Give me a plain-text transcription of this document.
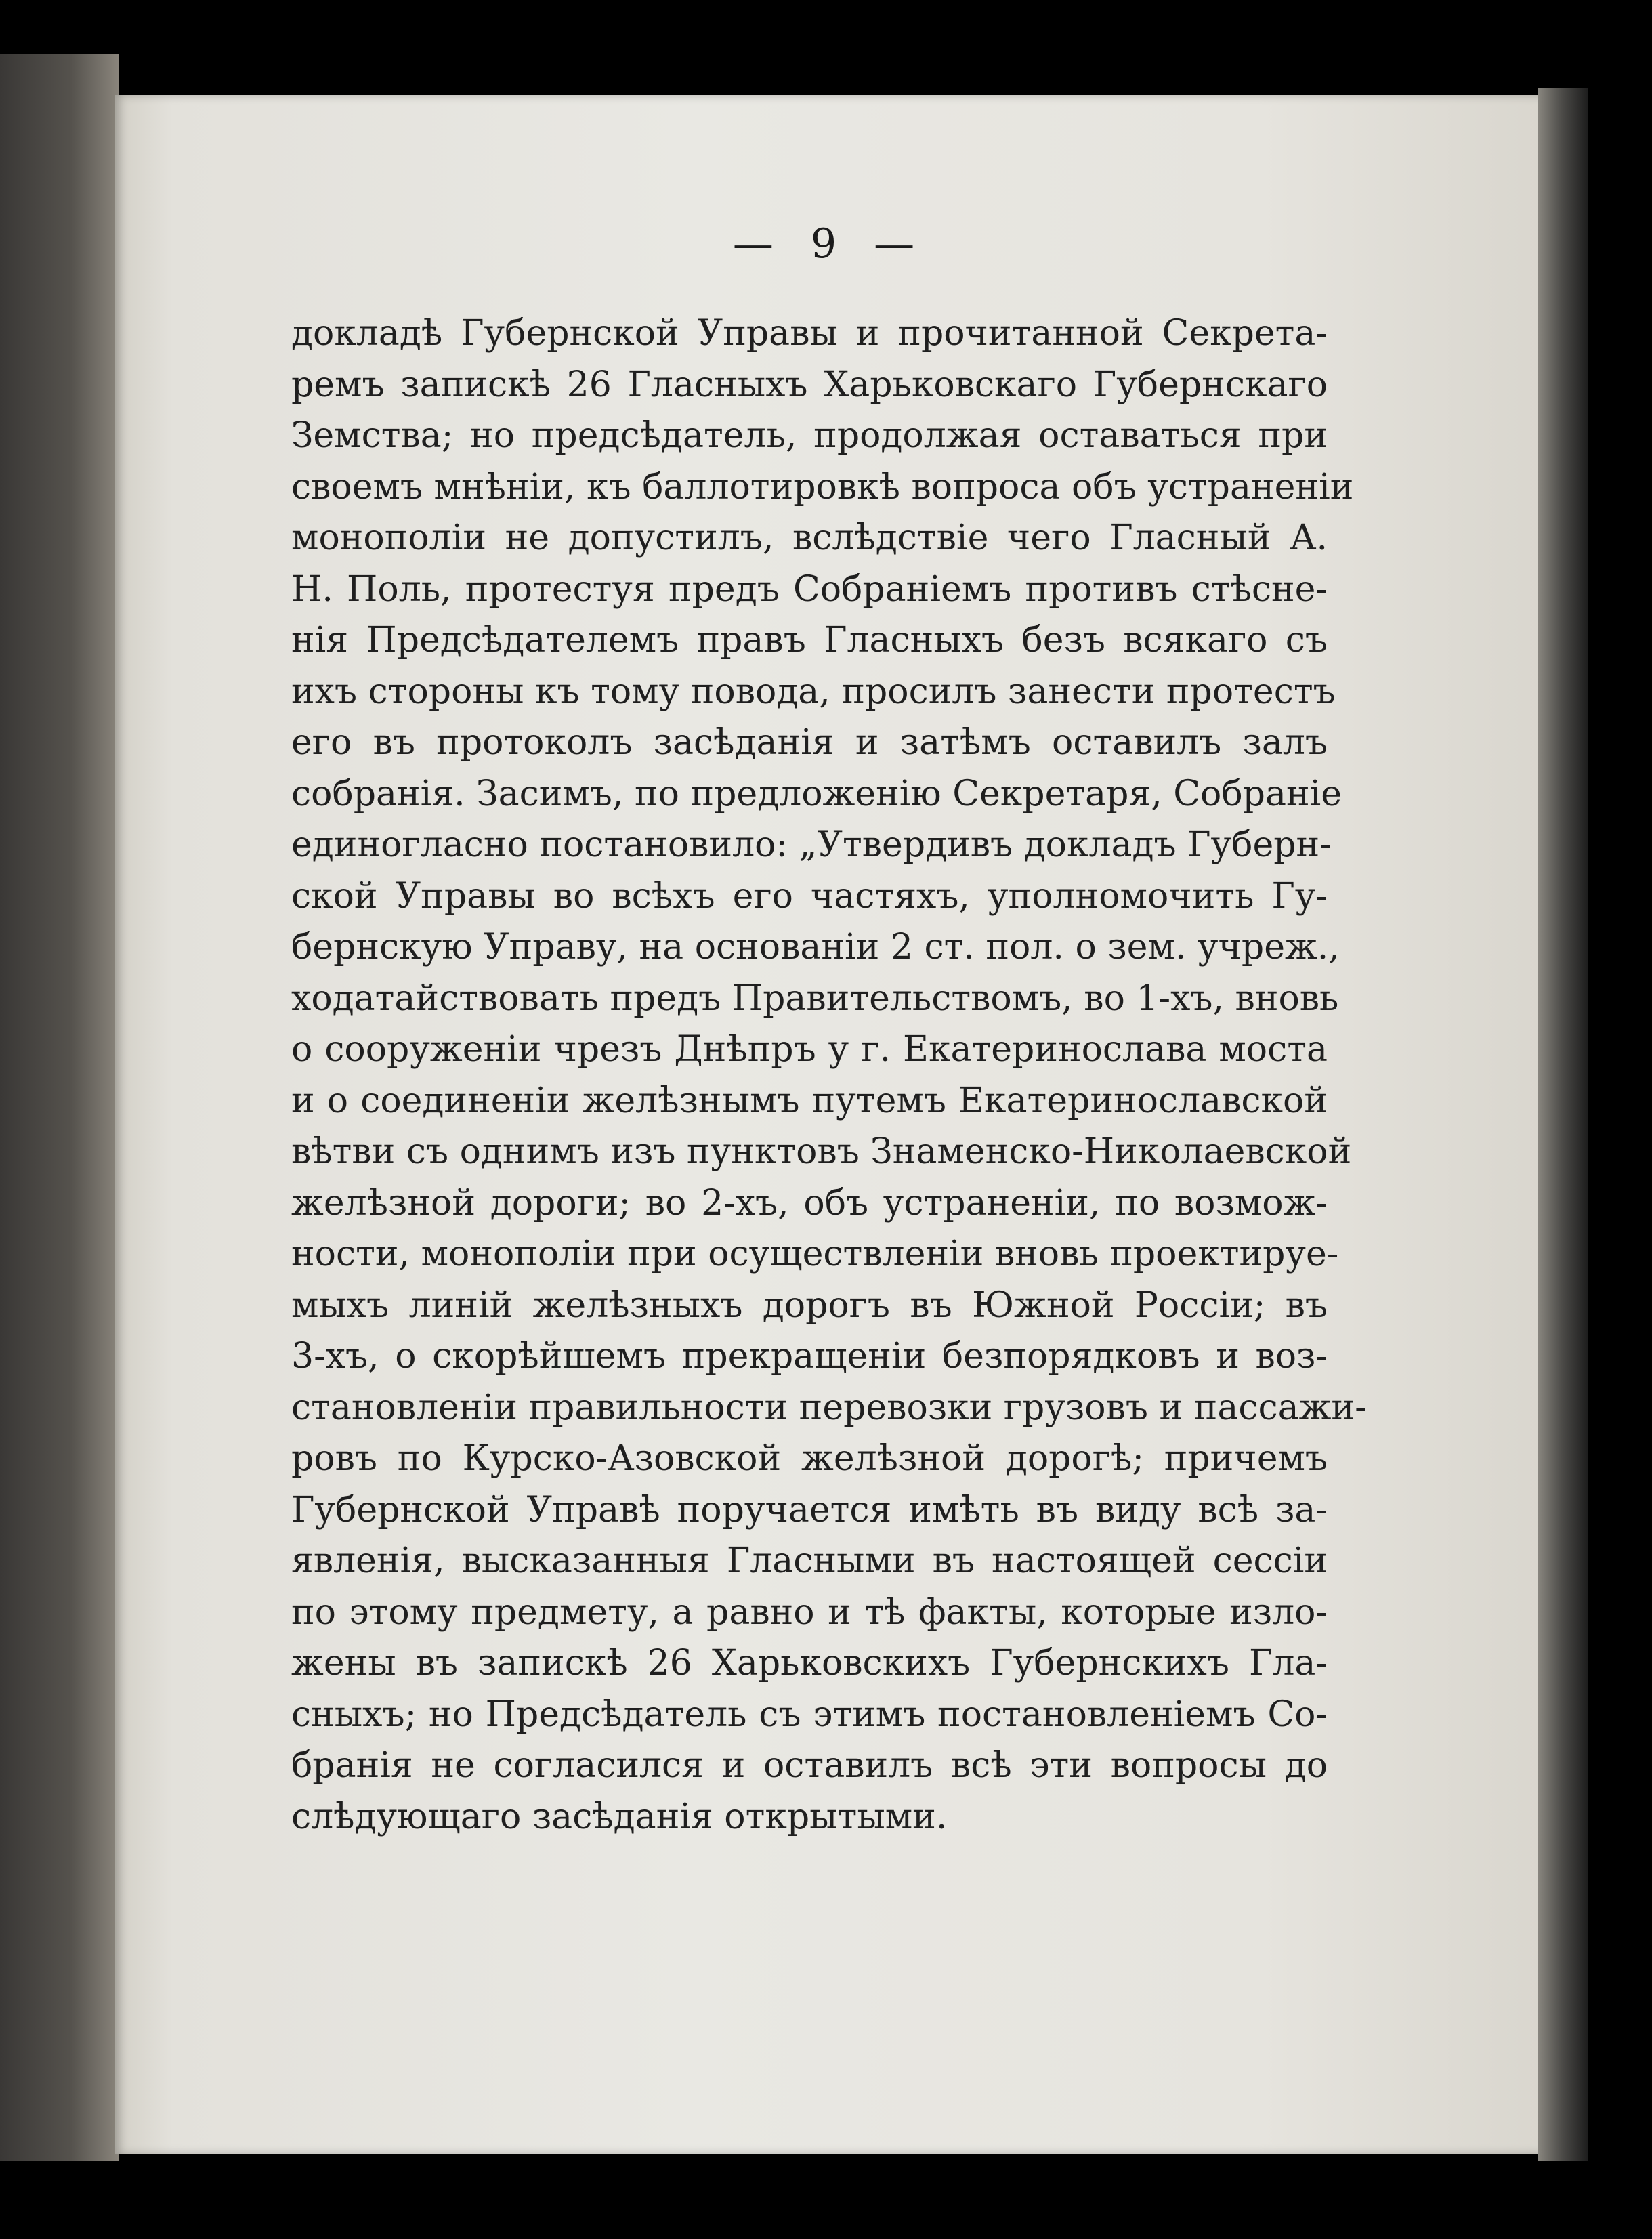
— 9 —
докладѣ Губернской Управы и прочитанной Секрета-
ремъ запискѣ 26 Гласныхъ Харьковскаго Губернскаго
Земства; но предсѣдатель, продолжая оставаться при
своемъ мнѣніи, къ баллотировкѣ вопроса объ устраненіи
монополіи не допустилъ, вслѣдствіе чего Гласный А.
Н. Поль, протестуя предъ Собраніемъ противъ стѣсне-
нія Предсѣдателемъ правъ Гласныхъ безъ всякаго съ
ихъ стороны къ тому повода, просилъ занести протестъ
его въ протоколъ засѣданія и затѣмъ оставилъ залъ
собранія. Засимъ, по предложенію Секретаря, Собраніе
единогласно постановило: „Утвердивъ докладъ Губерн-
ской Управы во всѣхъ его частяхъ, уполномочить Гу-
бернскую Управу, на основаніи 2 ст. пол. о зем. учреж.,
ходатайствовать предъ Правительствомъ, во 1-хъ, вновь
о сооруженіи чрезъ Днѣпръ у г. Екатеринослава моста
и о соединеніи желѣзнымъ путемъ Екатеринославской
вѣтви съ однимъ изъ пунктовъ Знаменско-Николаевской
желѣзной дороги; во 2-хъ, объ устраненіи, по возмож-
ности, монополіи при осуществленіи вновь проектируе-
мыхъ линій желѣзныхъ дорогъ въ Южной Россіи; въ
3-хъ, о скорѣйшемъ прекращеніи безпорядковъ и воз-
становленіи правильности перевозки грузовъ и пассажи-
ровъ по Курско-Азовской желѣзной дорогѣ; причемъ
Губернской Управѣ поручается имѣть въ виду всѣ за-
явленія, высказанныя Гласными въ настоящей сессіи
по этому предмету, а равно и тѣ факты, которые изло-
жены въ запискѣ 26 Харьковскихъ Губернскихъ Гла-
сныхъ; но Предсѣдатель съ этимъ постановленіемъ Со-
бранія не согласился и оставилъ всѣ эти вопросы до
слѣдующаго засѣданія открытыми.
